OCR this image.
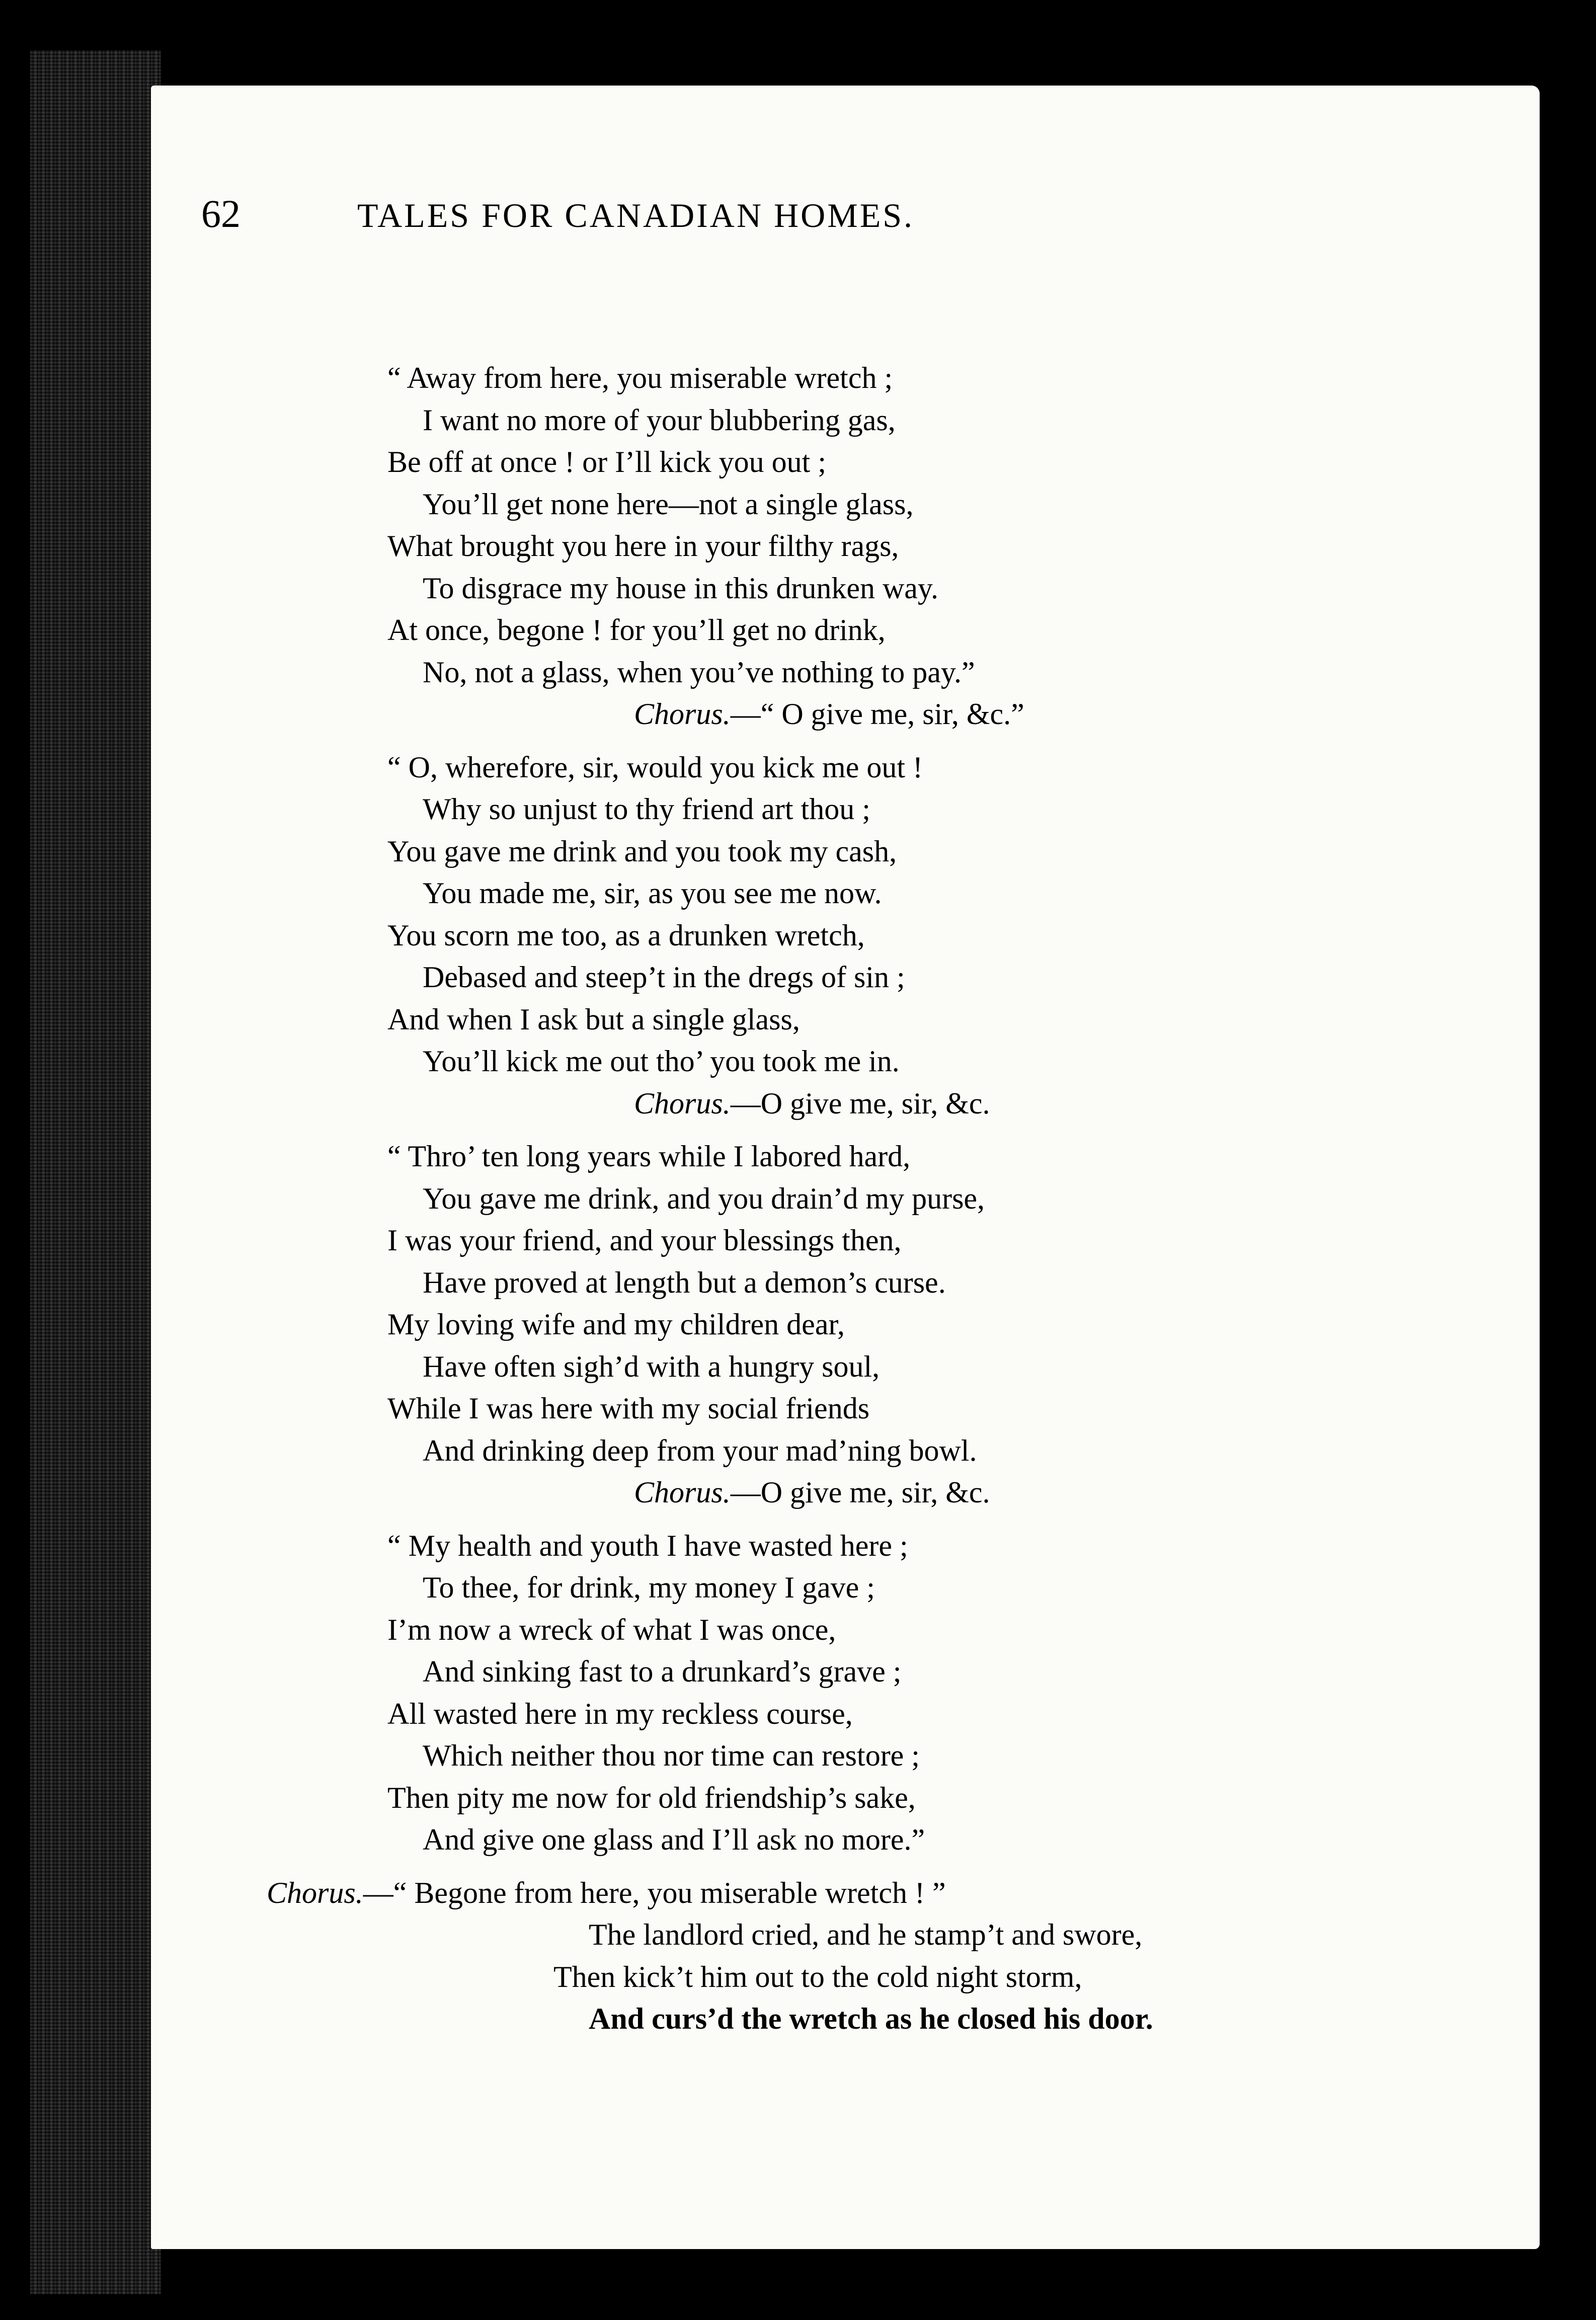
62	TALES FOR CANADIAN HOMES.
“ Away from here, you miserable wretch ;
I want no more of your blubbering gas,
Be off at once ! or I’ll kick you out ;
You’ll get none here—not a single glass,
What brought you here in your filthy rags,
To disgrace my house in this drunken way.
At once, begone ! for you’ll get no drink,
No, not a glass, when you’ve nothing to pay.”
Chorus.—“ O give me, sir, &c.”
“ O, wherefore, sir, would you kick me out !
Why so unjust to thy friend art thou ;
You gave me drink and you took my cash,
You made me, sir, as you see me now.
You scorn me too, as a drunken wretch,
Debased and steep’t in the dregs of sin ;
And when I ask but a single glass,
You’ll kick me out tho’ you took me in.
Chorus.—O give me, sir, &c.
“ Thro’ ten long years while I labored hard,
You gave me drink, and you drain’d my purse,
I was your friend, and your blessings then,
Have proved at length but a demon’s curse.
My loving wife and my children dear,
Have often sigh’d with a hungry soul,
While I was here with my social friends
And drinking deep from your mad’ning bowl.
Chorus.—O give me, sir, &c.
“ My health and youth I have wasted here ;
To thee, for drink, my money I gave ;
I’m now a wreck of what I was once,
And sinking fast to a drunkard’s grave ;
All wasted here in my reckless course,
Which neither thou nor time can restore ;
Then pity me now for old friendship’s sake,
And give one glass and I’ll ask no more.”
Chorus.—“ Begone from here, you miserable wretch ! ”
The landlord cried, and he stamp’t and swore,
Then kick’t him out to the cold night storm,
And curs’d the wretch as he closed his door.
